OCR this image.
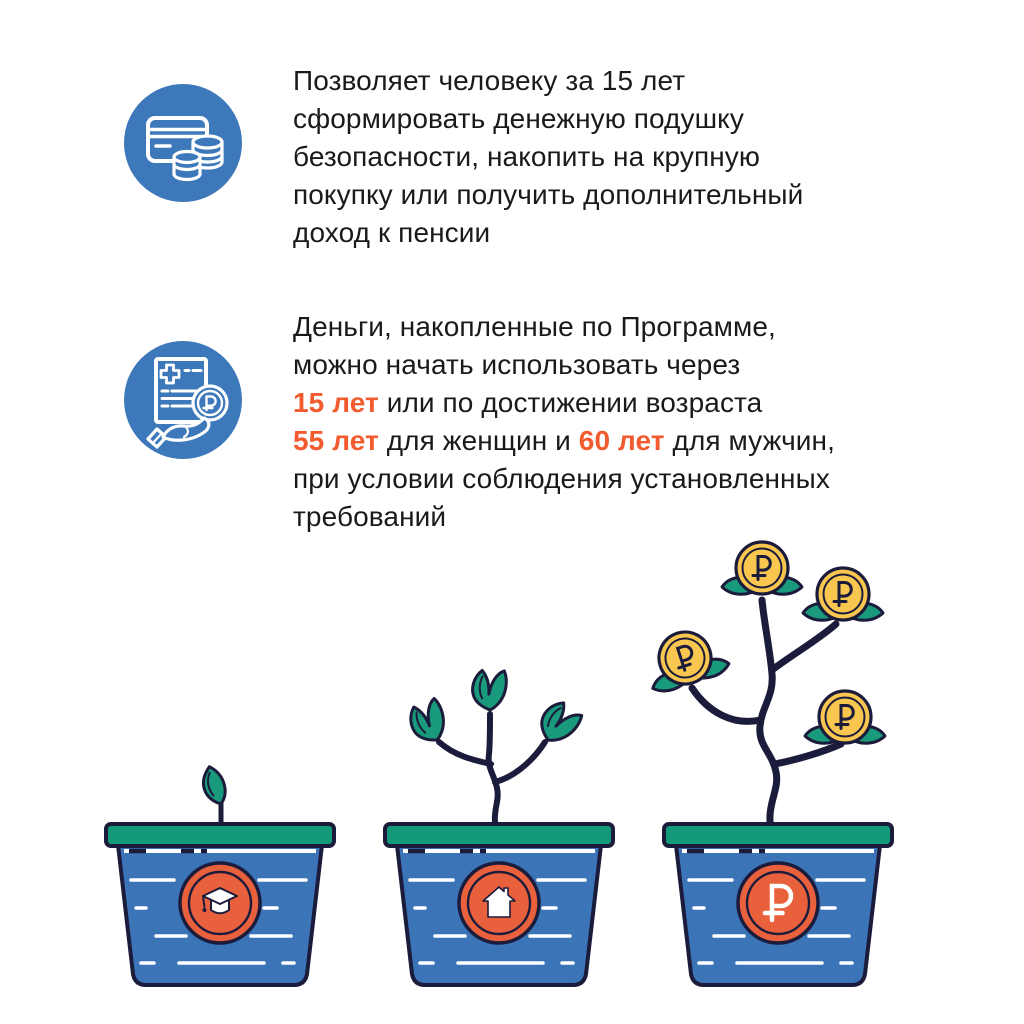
Позволяет человеку за 15 лет
сформировать денежную подушку
безопасности, накопить на крупную
покупку или получить дополнительный
доход к пенсии
Деньги, накопленные по Программе,
можно начать использовать через
15 лет или по достижении возраста
55 лет для женщин и 60 лет для мужчин,
при условии соблюдения установленных
требований
